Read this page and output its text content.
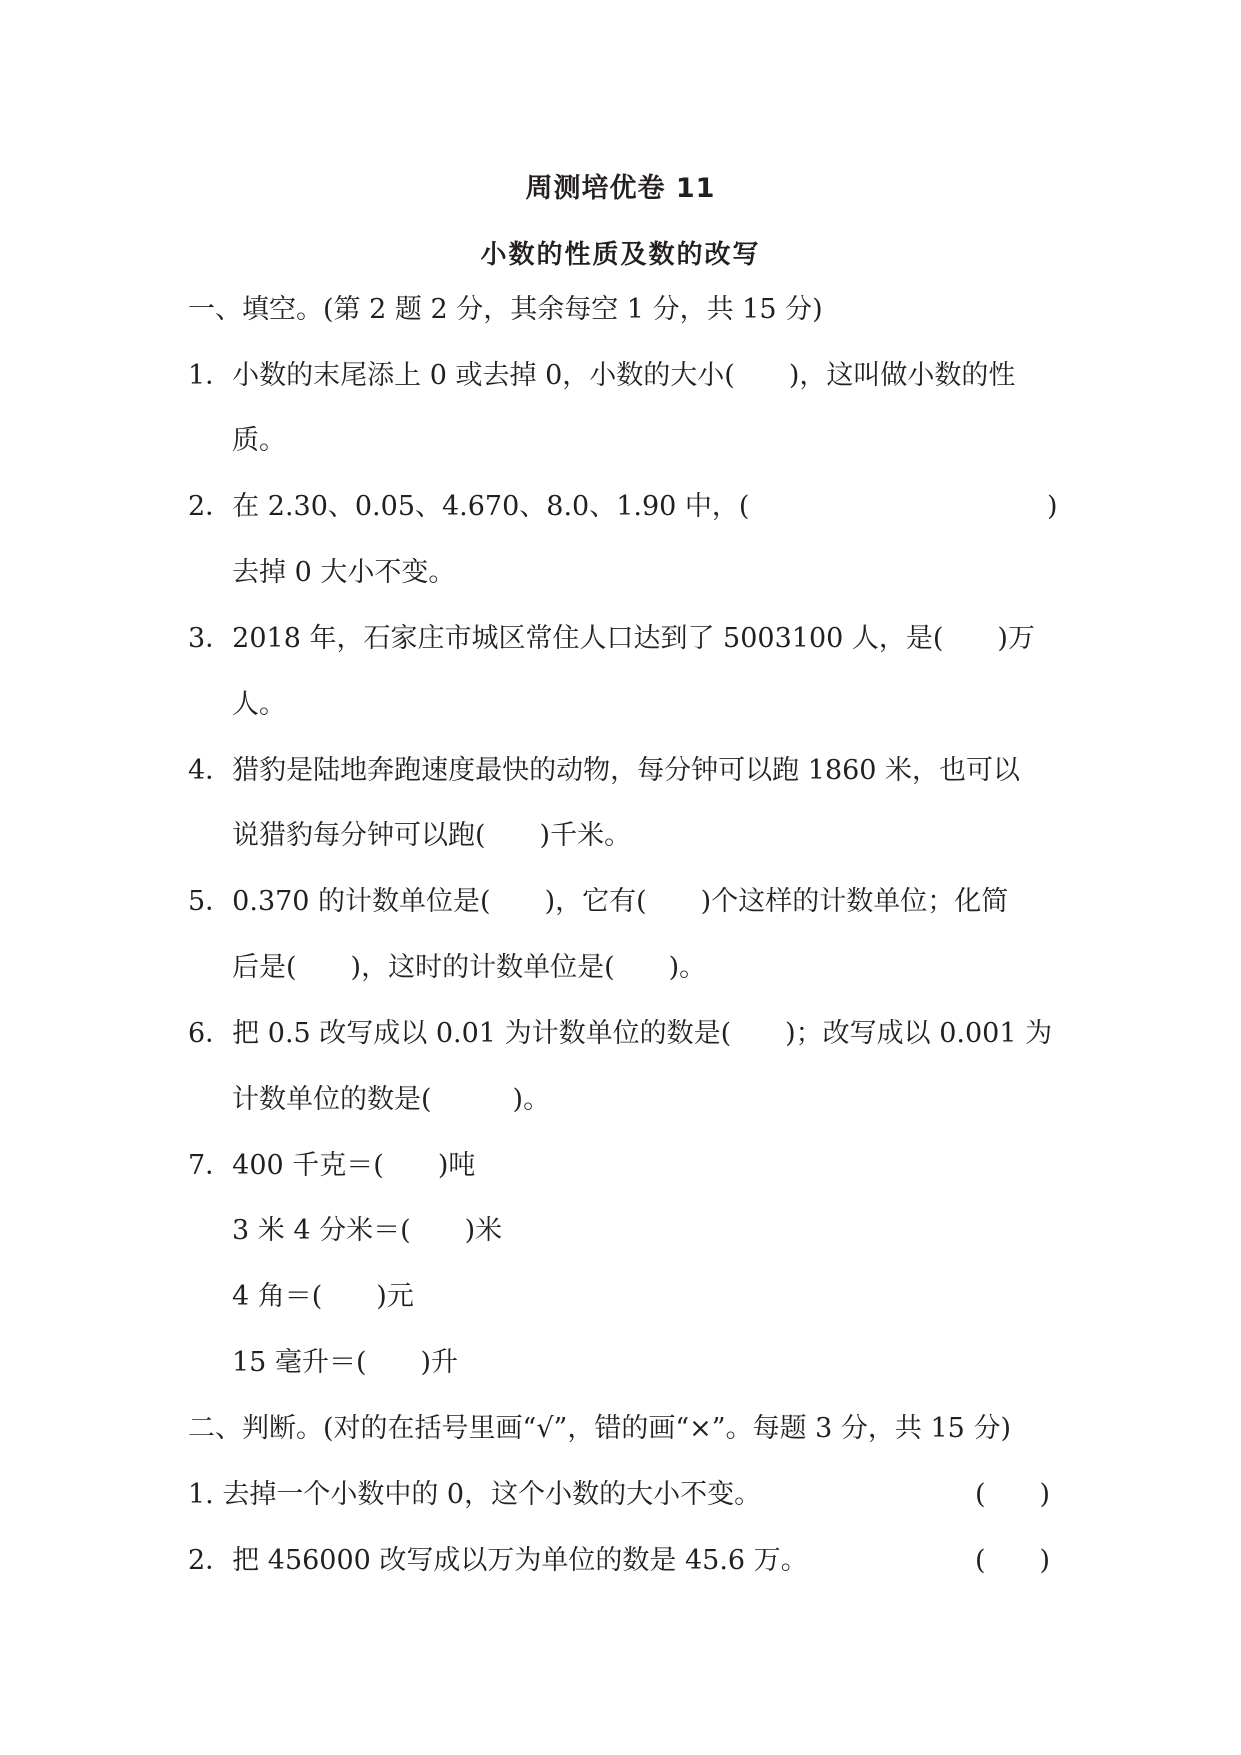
周测培优卷 11
小数的性质及数的改写
一、填空。(第 2 题 2 分，其余每空 1 分，共 15 分)
1．小数的末尾添上 0 或去掉 0，小数的大小(　　)，这叫做小数的性
质。
2．在 2.30、0.05、4.670、8.0、1.90 中，(	)
去掉 0 大小不变。
3．2018 年，石家庄市城区常住人口达到了 5003100 人，是(　　)万
人。
4．猎豹是陆地奔跑速度最快的动物，每分钟可以跑 1860 米，也可以
说猎豹每分钟可以跑(　　)千米。
5．0.370 的计数单位是(　　)，它有(　　)个这样的计数单位；化简
后是(　　)，这时的计数单位是(　　)。
6．把 0.5 改写成以 0.01 为计数单位的数是(　　)；改写成以 0.001 为
计数单位的数是(　　　)。
7．400 千克＝(　　)吨
3 米 4 分米＝(　　)米
4 角＝(　　)元
15 毫升＝(　　)升
二、判断。(对的在括号里画“√”，错的画“×”。每题 3 分，共 15 分)
1. 去掉一个小数中的 0，这个小数的大小不变。	(　　)
2．把 456000 改写成以万为单位的数是 45.6 万。	(　　)
